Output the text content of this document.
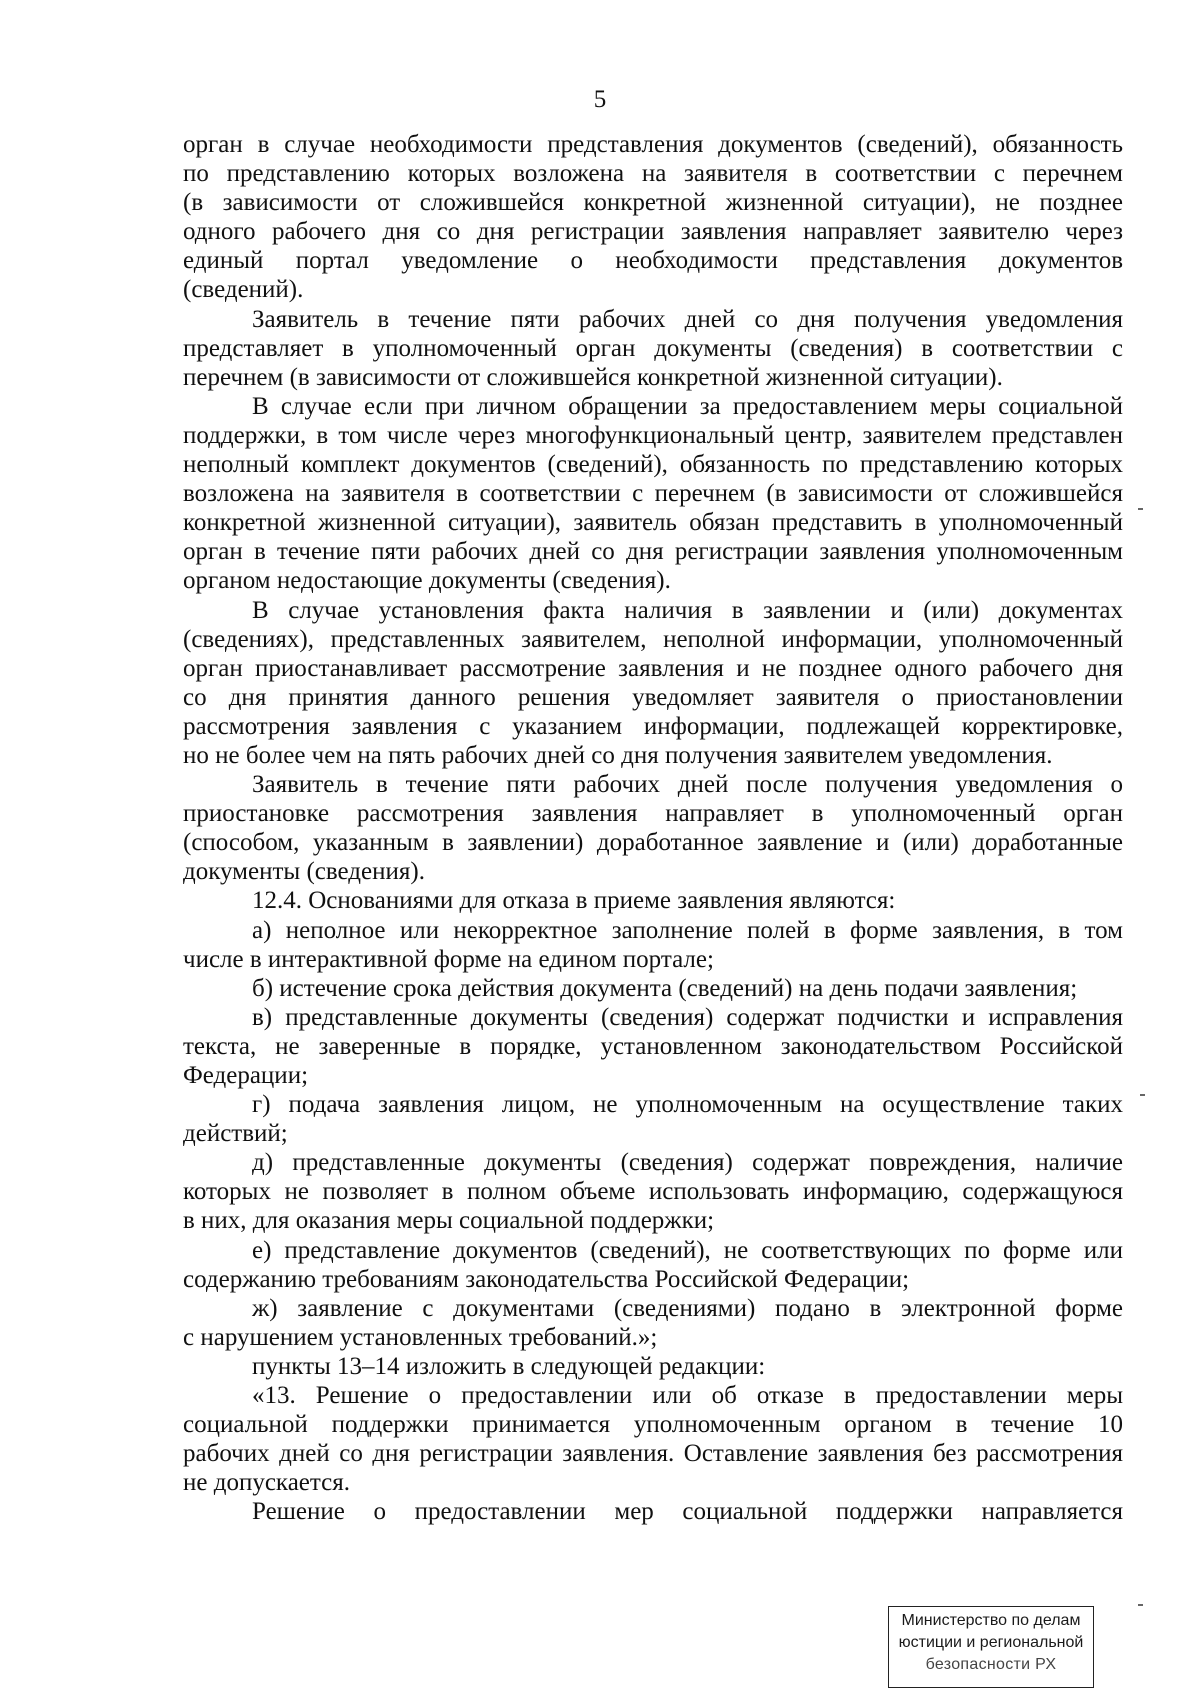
5
орган в случае необходимости представления документов (сведений), обязанность
по представлению которых возложена на заявителя в соответствии с перечнем
(в зависимости от сложившейся конкретной жизненной ситуации), не позднее
одного рабочего дня со дня регистрации заявления направляет заявителю через
единый портал уведомление о необходимости представления документов
(сведений).
Заявитель в течение пяти рабочих дней со дня получения уведомления
представляет в уполномоченный орган документы (сведения) в соответствии с
перечнем (в зависимости от сложившейся конкретной жизненной ситуации).
В случае если при личном обращении за предоставлением меры социальной
поддержки, в том числе через многофункциональный центр, заявителем представлен
неполный комплект документов (сведений), обязанность по представлению которых
возложена на заявителя в соответствии с перечнем (в зависимости от сложившейся
конкретной жизненной ситуации), заявитель обязан представить в уполномоченный
орган в течение пяти рабочих дней со дня регистрации заявления уполномоченным
органом недостающие документы (сведения).
В случае установления факта наличия в заявлении и (или) документах
(сведениях), представленных заявителем, неполной информации, уполномоченный
орган приостанавливает рассмотрение заявления и не позднее одного рабочего дня
со дня принятия данного решения уведомляет заявителя о приостановлении
рассмотрения заявления с указанием информации, подлежащей корректировке,
но не более чем на пять рабочих дней со дня получения заявителем уведомления.
Заявитель в течение пяти рабочих дней после получения уведомления о
приостановке рассмотрения заявления направляет в уполномоченный орган
(способом, указанным в заявлении) доработанное заявление и (или) доработанные
документы (сведения).
12.4. Основаниями для отказа в приеме заявления являются:
а) неполное или некорректное заполнение полей в форме заявления, в том
числе в интерактивной форме на едином портале;
б) истечение срока действия документа (сведений) на день подачи заявления;
в) представленные документы (сведения) содержат подчистки и исправления
текста, не заверенные в порядке, установленном законодательством Российской
Федерации;
г) подача заявления лицом, не уполномоченным на осуществление таких
действий;
д) представленные документы (сведения) содержат повреждения, наличие
которых не позволяет в полном объеме использовать информацию, содержащуюся
в них, для оказания меры социальной поддержки;
е) представление документов (сведений), не соответствующих по форме или
содержанию требованиям законодательства Российской Федерации;
ж) заявление с документами (сведениями) подано в электронной форме
с нарушением установленных требований.»;
пункты 13–14 изложить в следующей редакции:
«13. Решение о предоставлении или об отказе в предоставлении меры
социальной поддержки принимается уполномоченным органом в течение 10
рабочих дней со дня регистрации заявления. Оставление заявления без рассмотрения
не допускается.
Решение о предоставлении мер социальной поддержки направляется
Министерство по делам
юстиции и региональной
безопасности РХ
